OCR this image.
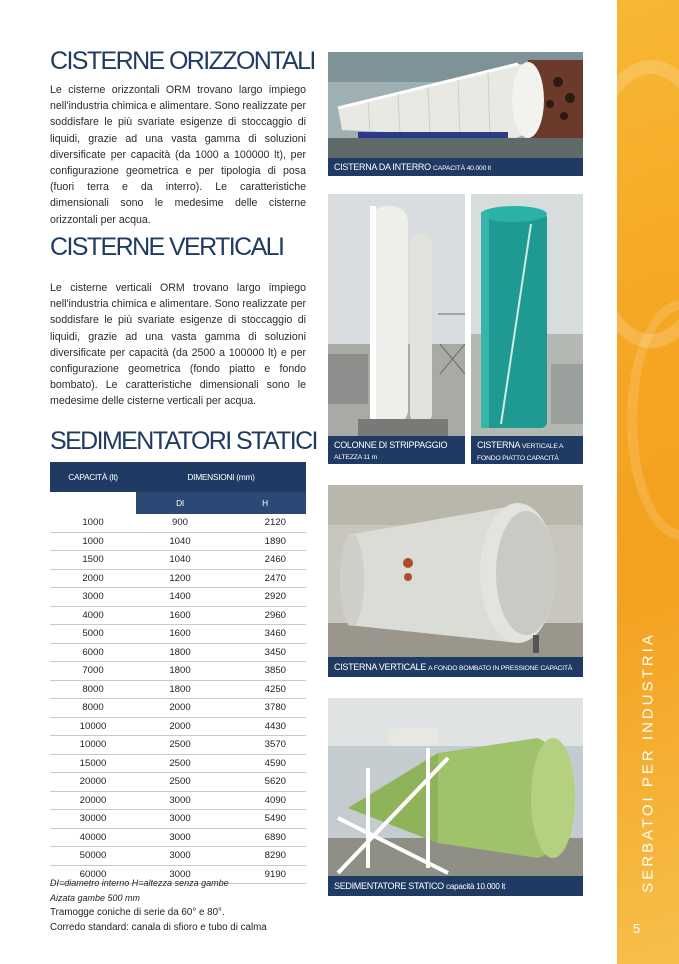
SERBATOI PER INDUSTRIA
5
CISTERNE ORIZZONTALI

Le cisterne orizzontali ORM trovano largo impiego nell'industria chimica e alimentare. Sono realizzate per soddisfare le più svariate esigenze di stoccaggio di liquidi, grazie ad una vasta gamma di soluzioni diversificate per capacità (da 1000 a 100000 lt), per configurazione geometrica e per tipologia di posa (fuori terra e da interro). Le caratteristiche dimensionali sono le medesime delle cisterne orizzontali per acqua.

CISTERNE VERTICALI

Le cisterne verticali ORM trovano largo impiego nell'industria chimica e alimentare. Sono realizzate per soddisfare le più svariate esigenze di stoccaggio di liquidi, grazie ad una vasta gamma di soluzioni diversificate per capacità (da 2500 a 100000 lt) e per configurazione geometrica (fondo piatto e fondo bombato). Le caratteristiche dimensionali sono le medesime delle cisterne verticali per acqua.

SEDIMENTATORI STATICI
CAPACITÀ (lt)	DIMENSIONI (mm)	
	DI	H
1000	900	2120
1000	1040	1890
1500	1040	2460
2000	1200	2470
3000	1400	2920
4000	1600	2960
5000	1600	3460
6000	1800	3450
7000	1800	3850
8000	1800	4250
8000	2000	3780
10000	2000	4430
10000	2500	3570
15000	2500	4590
20000	2500	5620
20000	3000	4090
30000	3000	5490
40000	3000	6890
50000	3000	8290
60000	3000	9190
DI=diametro interno H=altezza senza gambe
Aizata gambe 500 mm
Tramogge coniche di serie da 60° e 80°.
Corredo standard: canala di sfioro e tubo di calma
CISTERNA DA INTERRO CAPACITÀ 40.000 lt
COLONNE DI STRIPPAGGIO
ALTEZZA 11 m
CISTERNA VERTICALE A
FONDO PIATTO CAPACITÀ 65.000 lt
CISTERNA VERTICALE A FONDO BOMBATO IN PRESSIONE CAPACITÀ 7.500 lt
SEDIMENTATORE STATICO capacità 10.000 lt
